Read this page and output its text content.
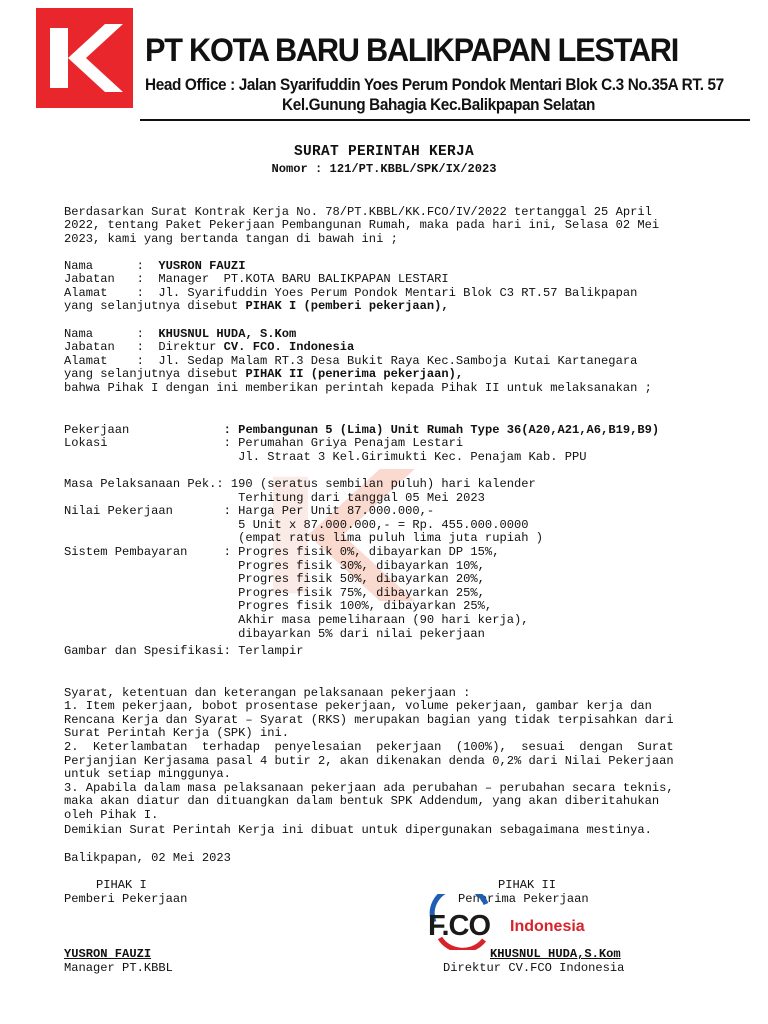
PT KOTA BARU BALIKPAPAN LESTARI
Head Office : Jalan Syarifuddin Yoes Perum Pondok Mentari Blok C.3 No.35A RT. 57
Kel.Gunung Bahagia Kec.Balikpapan Selatan
SURAT PERINTAH KERJA
Nomor : 121/PT.KBBL/SPK/IX/2023

Berdasarkan Surat Kontrak Kerja No. 78/PT.KBBL/KK.FCO/IV/2022 tertanggal 25 April
2022, tentang Paket Pekerjaan Pembangunan Rumah, maka pada hari ini, Selasa 02 Mei
2023, kami yang bertanda tangan di bawah ini ;

Nama      :  YUSRON FAUZI
Jabatan   :  Manager  PT.KOTA BARU BALIKPAPAN LESTARI
Alamat    :  Jl. Syarifuddin Yoes Perum Pondok Mentari Blok C3 RT.57 Balikpapan
yang selanjutnya disebut PIHAK I (pemberi pekerjaan),

Nama      :  KHUSNUL HUDA, S.Kom
Jabatan   :  Direktur CV. FCO. Indonesia
Alamat    :  Jl. Sedap Malam RT.3 Desa Bukit Raya Kec.Samboja Kutai Kartanegara
yang selanjutnya disebut PIHAK II (penerima pekerjaan),
bahwa Pihak I dengan ini memberikan perintah kepada Pihak II untuk melaksanakan ;

Pekerjaan             : Pembangunan 5 (Lima) Unit Rumah Type 36(A20,A21,A6,B19,B9)
Lokasi                : Perumahan Griya Penajam Lestari
Jl. Straat 3 Kel.Girimukti Kec. Penajam Kab. PPU
Masa Pelaksanaan Pek.: 190 (seratus sembilan puluh) hari kalender
Terhitung dari tanggal 05 Mei 2023
Nilai Pekerjaan       : Harga Per Unit 87.000.000,-
5 Unit x 87.000.000,- = Rp. 455.000.0000
(empat ratus lima puluh lima juta rupiah )
Sistem Pembayaran     : Progres fisik 0%, dibayarkan DP 15%,
Progres fisik 30%, dibayarkan 10%,
Progres fisik 50%, dibayarkan 20%,
Progres fisik 75%, dibayarkan 25%,
Progres fisik 100%, dibayarkan 25%,
Akhir masa pemeliharaan (90 hari kerja),
dibayarkan 5% dari nilai pekerjaan
Gambar dan Spesifikasi: Terlampir

Syarat, ketentuan dan keterangan pelaksanaan pekerjaan :
1. Item pekerjaan, bobot prosentase pekerjaan, volume pekerjaan, gambar kerja dan
Rencana Kerja dan Syarat – Syarat (RKS) merupakan bagian yang tidak terpisahkan dari
Surat Perintah Kerja (SPK) ini.
2.  Keterlambatan  terhadap  penyelesaian  pekerjaan  (100%),  sesuai  dengan  Surat
Perjanjian Kerjasama pasal 4 butir 2, akan dikenakan denda 0,2% dari Nilai Pekerjaan
untuk setiap minggunya.
3. Apabila dalam masa pelaksanaan pekerjaan ada perubahan – perubahan secara teknis,
maka akan diatur dan dituangkan dalam bentuk SPK Addendum, yang akan diberitahukan
oleh Pihak I.
Demikian Surat Perintah Kerja ini dibuat untuk dipergunakan sebagaimana mestinya.
Balikpapan, 02 Mei 2023
PIHAK I
Pemberi Pekerjaan
YUSRON FAUZI
Manager PT.KBBL
PIHAK II
Penerima Pekerjaan
F.CO Indonesia
KHUSNUL HUDA,S.Kom
Direktur CV.FCO Indonesia
